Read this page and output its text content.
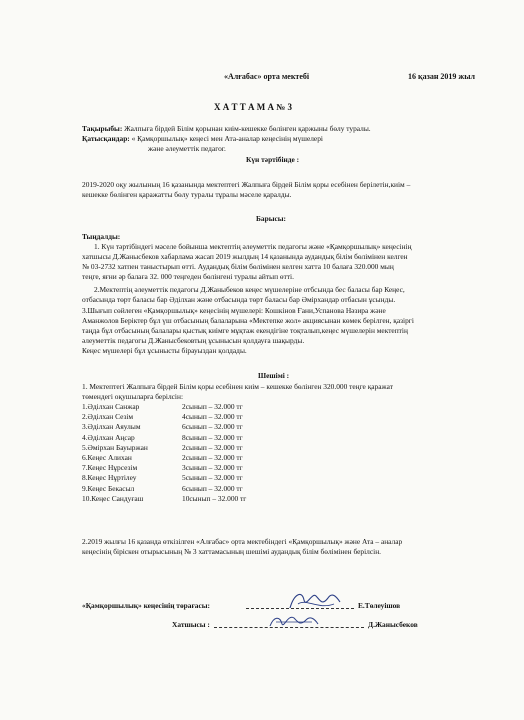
«Алғабас» орта мектебі	16 қазан 2019 жыл
Х А Т Т А М А № 3
Тақырыбы: Жалпыға бірдей Білім қорынан киім-кешекке бөлінген қаржыны бөлу туралы.
Қатысқандар: « Қамқоршылық» кеңесі мен Ата-аналар кеңесінің мүшелері
және әлеуметтік педагог.
Күн тәртібінде :
2019-2020 оқу жылының 16 қазанында мектептегі Жалпыға бірдей Білім қоры есебінен берілетін,киім –
кешекке бөлінген қаражатты бөлу туралы тұралы мәселе қаралды.
Барысы:
Тыңдалды:
1. Күн тәртібіндегі мәселе бойынша мектептің әлеуметтік педагогы және «Қамқоршылық» кеңесінің
хатшысы Д.Жанысбеков хабарлама жасап 2019 жылдың 14 қазанында аудандық білім бөлімінен келген
№ 03-2732 хатпен таныстырып өтті. Аудандық білім бөлімінен келген хатта 10 балаға 320.000 мың
теңге, яғни әр балаға 32. 000 теңгеден бөлінгені туралы айтып өтті.
2.Мектептің әлеуметтік педагогы Д.Жаныбеков кеңес мүшелеріне отбсында бес баласы бар Кеңес,
отбасында төрт баласы бар Әділхан және отбасында төрт баласы бар Әмірхандар отбасын ұсынды.
3.Шығып сөйлеген «Қамқоршылық» кеңесінің мүшелері: Кошкінов Ғани,Успанова Нәзира және
Аманжолов Беріктер бұл үш отбасының балаларына «Мектепке жол» акциясынан көмек берілген, қазіргі
таңда бұл отбасының балалары қыстық киімге мұқтаж екендігіне тоқталып,кеңес мүшелерін мектептің
әлеуметтік педагогы Д.Жанысбековтың ұсынысын қолдауға шақырды.
Кеңес мүшелері бұл ұсынысты бірауыздан қолдады.
Шешімі :
1. Мектептегі Жалпыға бірдей Білім қоры есебінен киім – кешекке бөлінген 320.000 теңге қаражат
төмендегі оқушыларға берілсін:
1.Әділхан Санжар	2сынып – 32.000 тг
2.Әділхан Сезім	4сынып – 32.000 тг
3.Әділхан Аяулым	6сынып – 32.000 тг
4.Әділхан Аңсар	8сынып – 32.000 тг
5.Әмірхан Бауыржан	2сынып – 32.000 тг
6.Кеңес Алихан	2сынып – 32.000 тг
7.Кеңес Нұрсезім	3сынып – 32.000 тг
8.Кеңес Нұртілеу	5сынып – 32.000 тг
9.Кеңес Бекасыл	6сынып – 32.000 тг
10.Кеңес Сандуғаш	10сынып – 32.000 тг
2.2019 жылғы 16 қазанда өткізілген «Алғабас» орта мектебіндегі «Қамқоршылық» және Ата – аналар
кеңесінің біріскен отырысының № 3 хаттамасының шешімі аудандық білім бөлімінен берілсін.
«Қамқоршылық» кеңесінің төрағасы:	Е.Төлеуішов
Хатшысы :	Д.Жанысбеков
